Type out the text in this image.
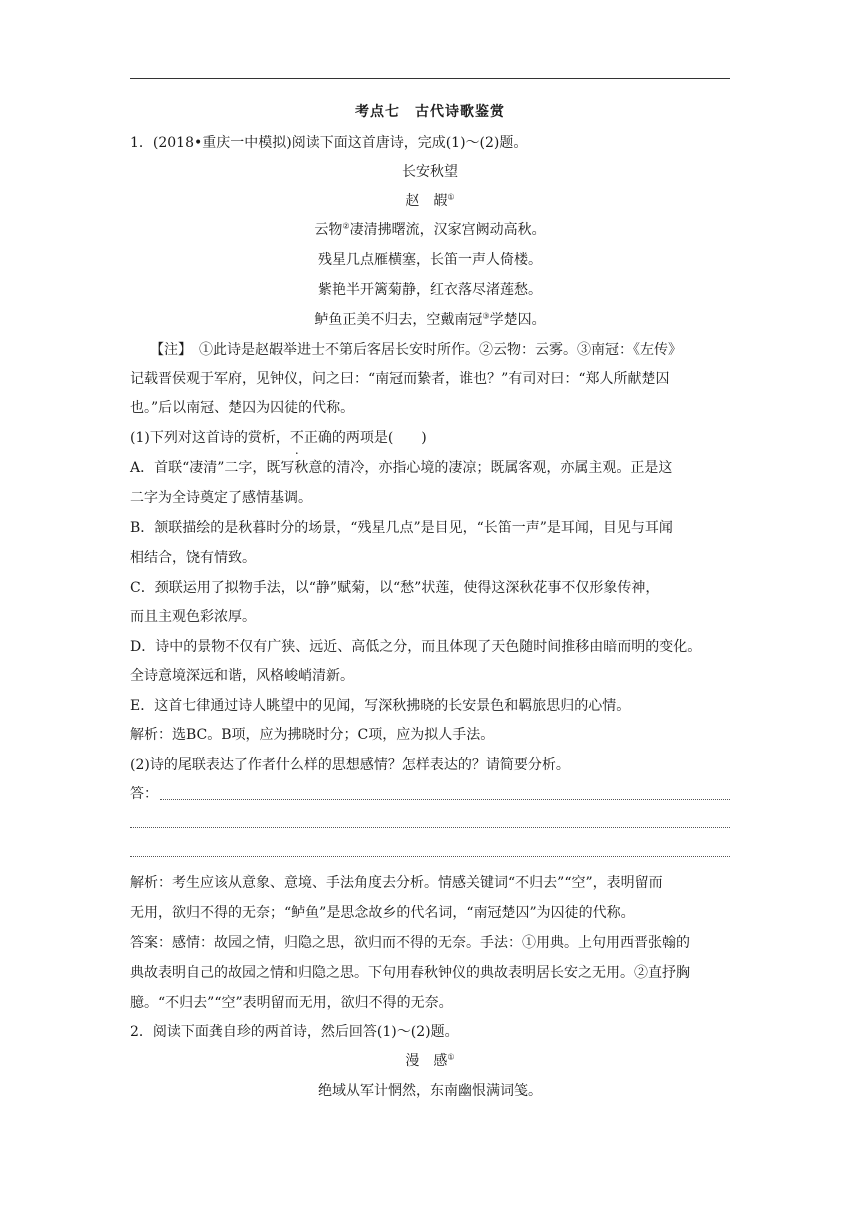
考点七　古代诗歌鉴赏
1．(2018•重庆一中模拟)阅读下面这首唐诗，完成(1)～(2)题。
长安秋望
赵　嘏①
云物②凄清拂曙流，汉家宫阙动高秋。
残星几点雁横塞，长笛一声人倚楼。
紫艳半开篱菊静，红衣落尽渚莲愁。
鲈鱼正美不归去，空戴南冠③学楚囚。
【注】　①此诗是赵嘏举进士不第后客居长安时所作。②云物：云雾。③南冠：《左传》
记载晋侯观于军府，见钟仪，问之曰：“南冠而絷者，谁也？”有司对曰：“郑人所献楚囚
也。”后以南冠、楚囚为囚徒的代称。
(1)下列对这首诗的赏析，不正确的两项是(　　)
A．首联“凄清”二字，既写秋意的清冷，亦指心境的凄凉；既属客观，亦属主观。正是这
二字为全诗奠定了感情基调。
B．颔联描绘的是秋暮时分的场景，“残星几点”是目见，“长笛一声”是耳闻，目见与耳闻
相结合，饶有情致。
C．颈联运用了拟物手法，以“静”赋菊，以“愁”状莲，使得这深秋花事不仅形象传神，
而且主观色彩浓厚。
D．诗中的景物不仅有广狭、远近、高低之分，而且体现了天色随时间推移由暗而明的变化。
全诗意境深远和谐，风格峻峭清新。
E．这首七律通过诗人眺望中的见闻，写深秋拂晓的长安景色和羁旅思归的心情。
解析：选BC。B项，应为拂晓时分；C项，应为拟人手法。
(2)诗的尾联表达了作者什么样的思想感情？怎样表达的？请简要分析。
答：
解析：考生应该从意象、意境、手法角度去分析。情感关键词“不归去”“空”，表明留而
无用，欲归不得的无奈；“鲈鱼”是思念故乡的代名词，“南冠楚囚”为囚徒的代称。
答案：感情：故园之情，归隐之思，欲归而不得的无奈。手法：①用典。上句用西晋张翰的
典故表明自己的故园之情和归隐之思。下句用春秋钟仪的典故表明居长安之无用。②直抒胸
臆。“不归去”“空”表明留而无用，欲归不得的无奈。
2．阅读下面龚自珍的两首诗，然后回答(1)～(2)题。
漫　感①
绝域从军计惘然，东南幽恨满词笺。
